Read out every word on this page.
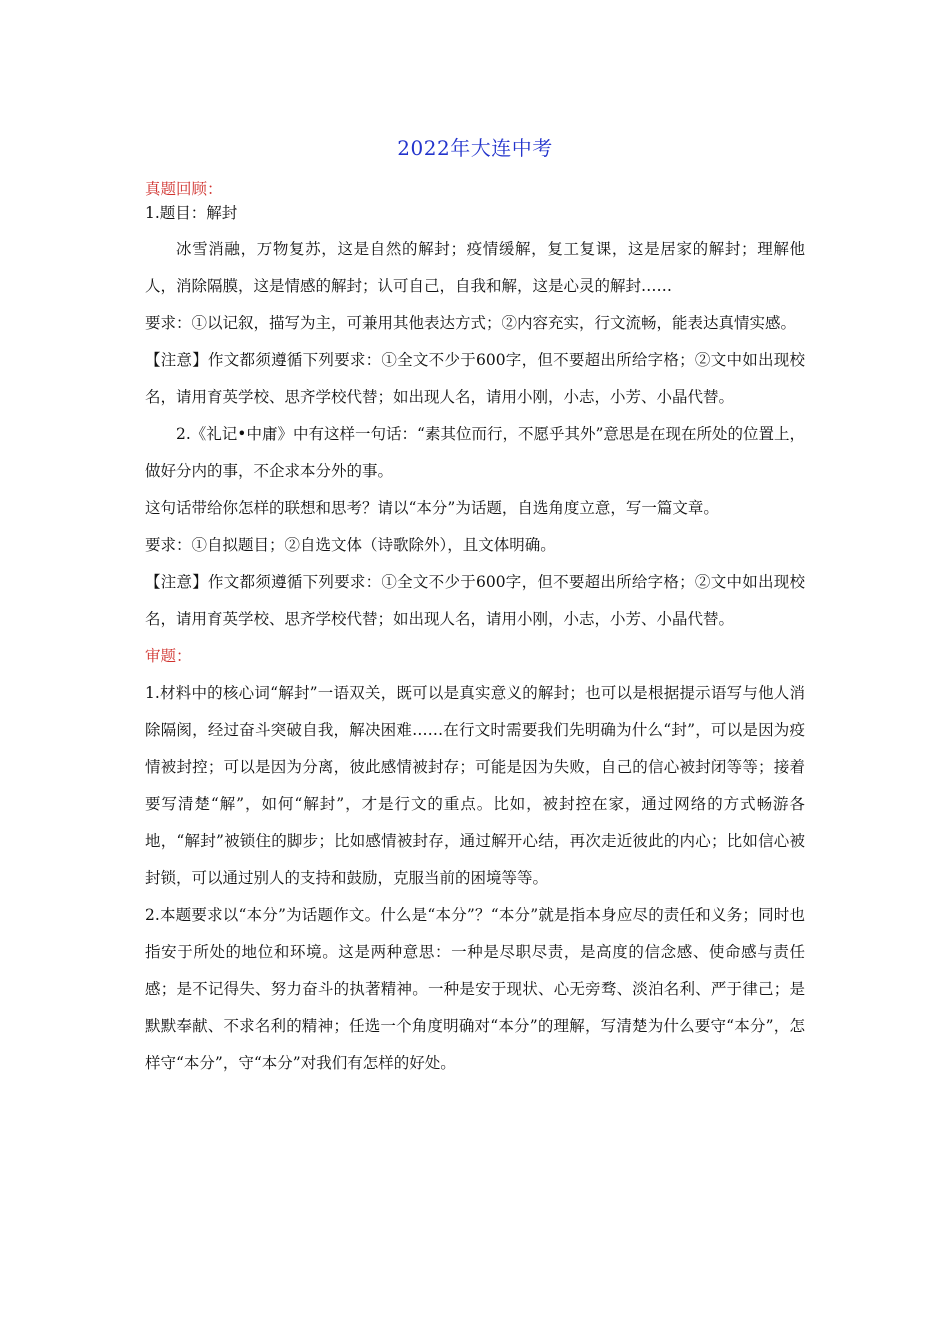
2022年大连中考
真题回顾：
1.题目：解封

冰雪消融，万物复苏，这是自然的解封；疫情缓解，复工复课，这是居家的解封；理解他人，消除隔膜，这是情感的解封；认可自己，自我和解，这是心灵的解封……

要求：①以记叙，描写为主，可兼用其他表达方式；②内容充实，行文流畅，能表达真情实感。

【注意】作文都须遵循下列要求：①全文不少于600字，但不要超出所给字格；②文中如出现校名，请用育英学校、思齐学校代替；如出现人名，请用小刚，小志，小芳、小晶代替。

2.《礼记•中庸》中有这样一句话：“素其位而行，不愿乎其外”意思是在现在所处的位置上，做好分内的事，不企求本分外的事。

这句话带给你怎样的联想和思考？请以“本分”为话题，自选角度立意，写一篇文章。

要求：①自拟题目；②自选文体（诗歌除外），且文体明确。

【注意】作文都须遵循下列要求：①全文不少于600字，但不要超出所给字格；②文中如出现校名，请用育英学校、思齐学校代替；如出现人名，请用小刚，小志，小芳、小晶代替。

审题：

1.材料中的核心词“解封”一语双关，既可以是真实意义的解封；也可以是根据提示语写与他人消除隔阂，经过奋斗突破自我，解决困难……在行文时需要我们先明确为什么“封”，可以是因为疫情被封控；可以是因为分离，彼此感情被封存；可能是因为失败，自己的信心被封闭等等；接着要写清楚“解”，如何“解封”，才是行文的重点。比如，被封控在家，通过网络的方式畅游各地，“解封”被锁住的脚步；比如感情被封存，通过解开心结，再次走近彼此的内心；比如信心被封锁，可以通过别人的支持和鼓励，克服当前的困境等等。

2.本题要求以“本分”为话题作文。什么是“本分”？“本分”就是指本身应尽的责任和义务；同时也指安于所处的地位和环境。这是两种意思：一种是尽职尽责，是高度的信念感、使命感与责任感；是不记得失、努力奋斗的执著精神。一种是安于现状、心无旁骛、淡泊名利、严于律己；是默默奉献、不求名利的精神；任选一个角度明确对“本分”的理解，写清楚为什么要守“本分”，怎样守“本分”，守“本分”对我们有怎样的好处。
